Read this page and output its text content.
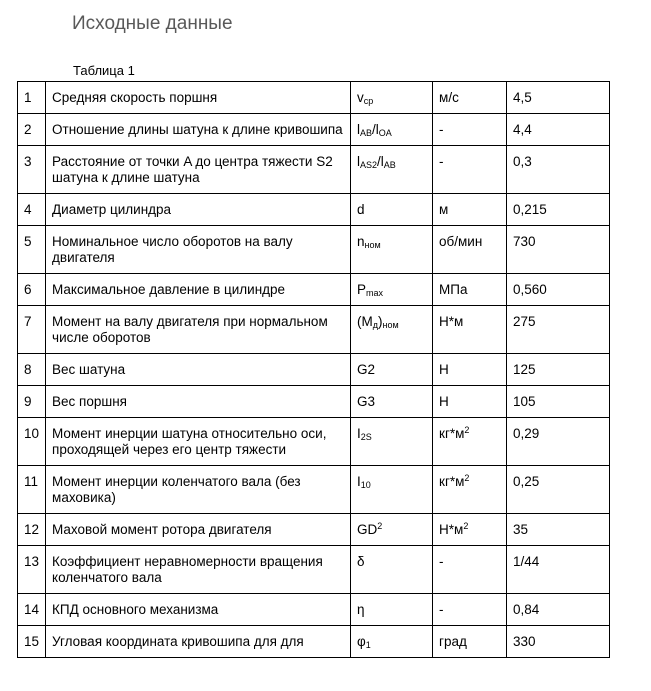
Исходные данные
Таблица 1
1	Средняя скорость поршня	$v_{cp}$	м/с	4,5
2	Отношение длины шатуна к длине кривошипа	$l_{AB}/l_{OA}$	-	4,4
3	Расстояние от точки A до центра тяжести S2 шатуна к длине шатуна	$l_{AS2}/l_{AB}$	-	0,3
4	Диаметр цилиндра	d	м	0,215
5	Номинальное число оборотов на валу двигателя	$n_{ном}$	об/мин	730
6	Максимальное давление в цилиндре	$P_{max}$	МПа	0,560
7	Момент на валу двигателя при нормальном числе оборотов	$(M_д)_{ном}$	Н*м	275
8	Вес шатуна	G2	Н	125
9	Вес поршня	G3	Н	105
10	Момент инерции шатуна относительно оси, проходящей через его центр тяжести	$I_{2S}$	$кг*м^2$	0,29
11	Момент инерции коленчатого вала (без маховика)	$I_{10}$	$кг*м^2$	0,25
12	Маховой момент ротора двигателя	$GD^2$	$Н*м^2$	35
13	Коэффициент неравномерности вращения коленчатого вала	δ	-	1/44
14	КПД основного механизма	η	-	0,84
15	Угловая координата кривошипа для для	$\varphi_1$	град	330
